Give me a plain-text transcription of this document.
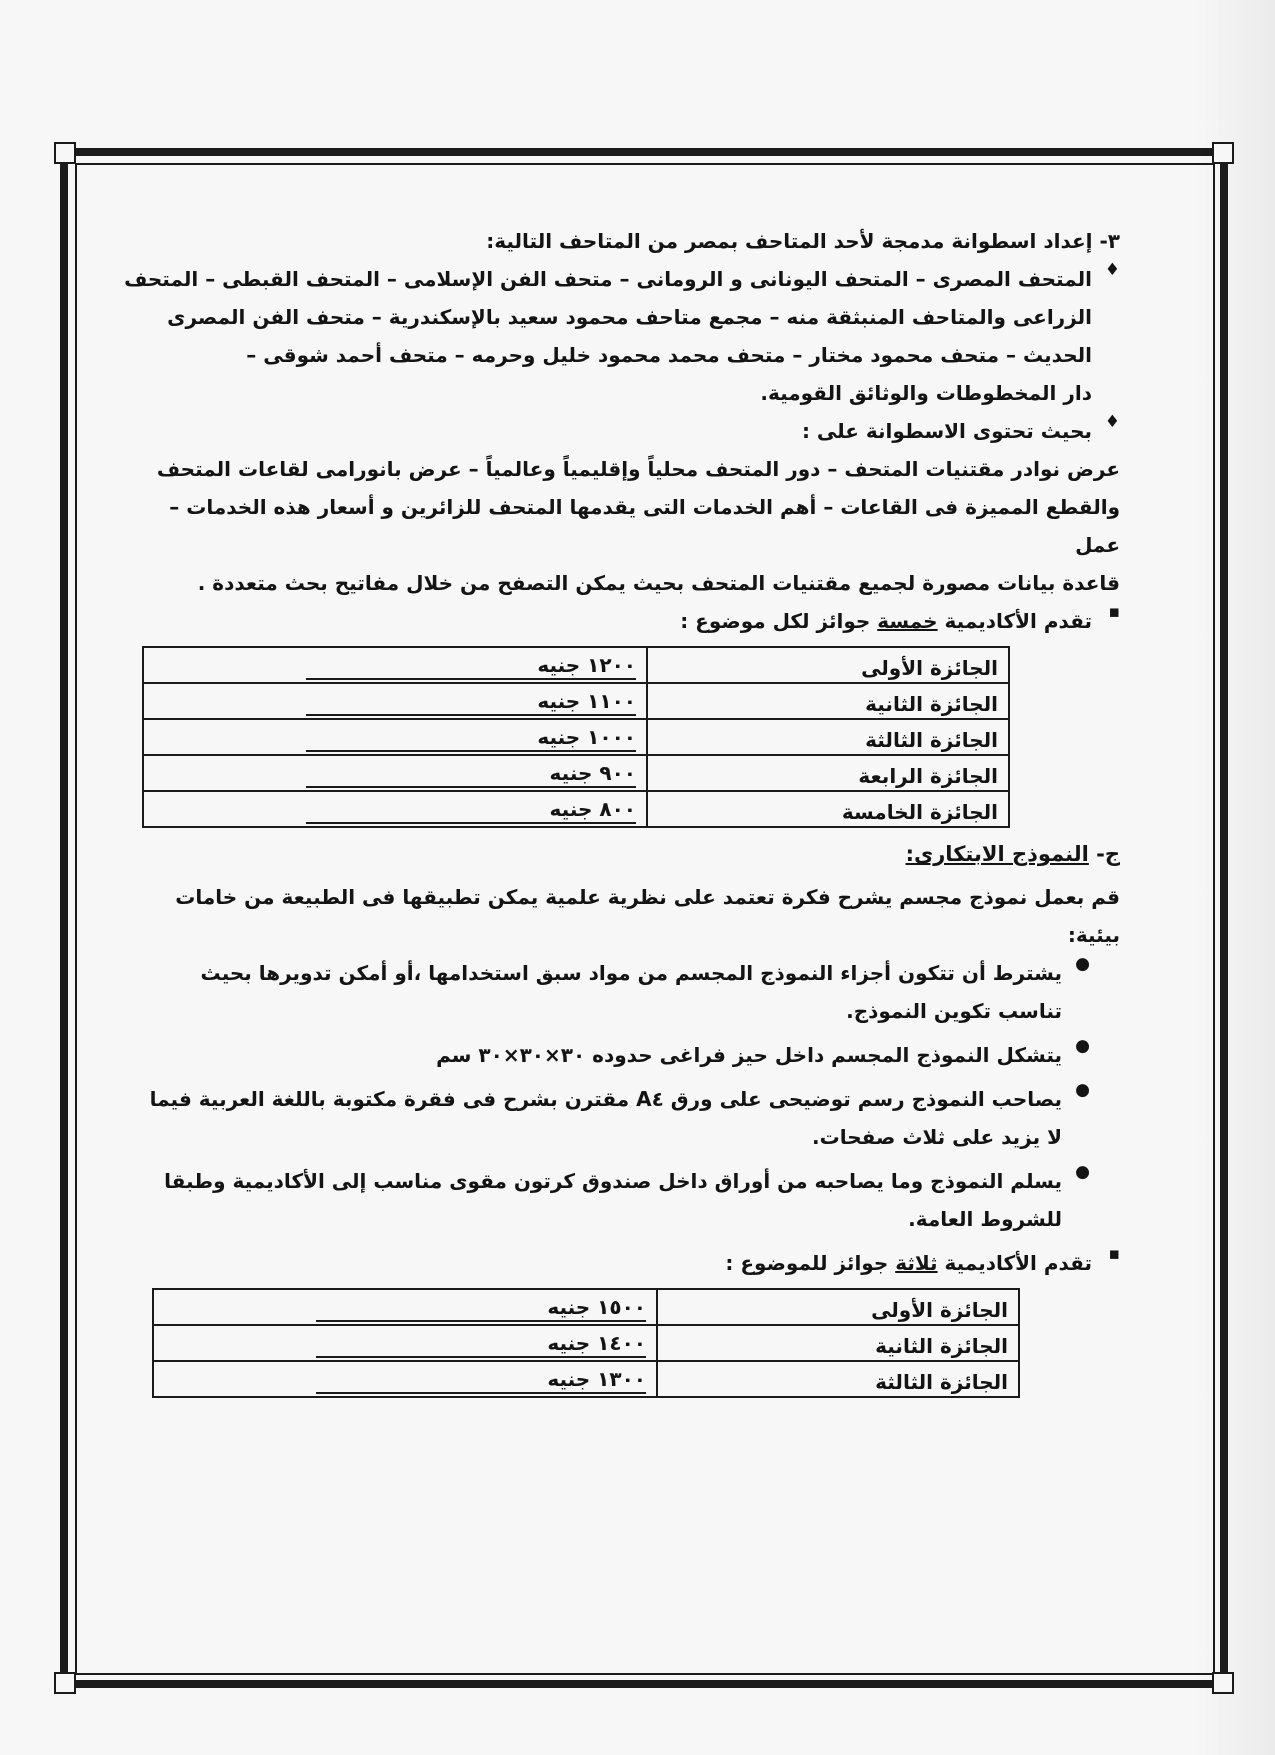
٣- إعداد اسطوانة مدمجة لأحد المتاحف بمصر من المتاحف التالية:

♦

المتحف المصرى – المتحف اليونانى و الرومانى – متحف الفن الإسلامى – المتحف القبطى – المتحف

الزراعى والمتاحف المنبثقة منه – مجمع متاحف محمود سعيد بالإسكندرية – متحف الفن المصرى

الحديث – متحف محمود مختار – متحف محمد محمود خليل وحرمه – متحف أحمد شوقى –

دار المخطوطات والوثائق القومية.

♦

بحيث تحتوى الاسطوانة على :

عرض نوادر مقتنيات المتحف – دور المتحف محلياً وإقليمياً وعالمياً – عرض بانورامى لقاعات المتحف

والقطع المميزة فى القاعات – أهم الخدمات التى يقدمها المتحف للزائرين و أسعار هذه الخدمات – عمل

قاعدة بيانات مصورة لجميع مقتنيات المتحف بحيث يمكن التصفح من خلال مفاتيح بحث متعددة .

▪

تقدم الأكاديمية خمسة جوائز لكل موضوع :

الجائزة الأولى	١٢٠٠ جنيه
الجائزة الثانية	١١٠٠ جنيه
الجائزة الثالثة	١٠٠٠ جنيه
الجائزة الرابعة	٩٠٠ جنيه
الجائزة الخامسة	٨٠٠ جنيه
ج- النموذج الابتكارى:

قم بعمل نموذج مجسم يشرح فكرة تعتمد على نظرية علمية يمكن تطبيقها فى الطبيعة من خامات بيئية:

●

يشترط أن تتكون أجزاء النموذج المجسم من مواد سبق استخدامها ،أو أمكن تدويرها بحيث

تناسب تكوين النموذج.

●

يتشكل النموذج المجسم داخل حيز فراغى حدوده ٣٠×٣٠×٣٠ سم

●

يصاحب النموذج رسم توضيحى على ورق A٤ مقترن بشرح فى فقرة مكتوبة باللغة العربية فيما

لا يزيد على ثلاث صفحات.

●

يسلم النموذج وما يصاحبه من أوراق داخل صندوق كرتون مقوى مناسب إلى الأكاديمية وطبقا

للشروط العامة.

▪

تقدم الأكاديمية ثلاثة جوائز للموضوع :

الجائزة الأولى	١٥٠٠ جنيه
الجائزة الثانية	١٤٠٠ جنيه
الجائزة الثالثة	١٣٠٠ جنيه
